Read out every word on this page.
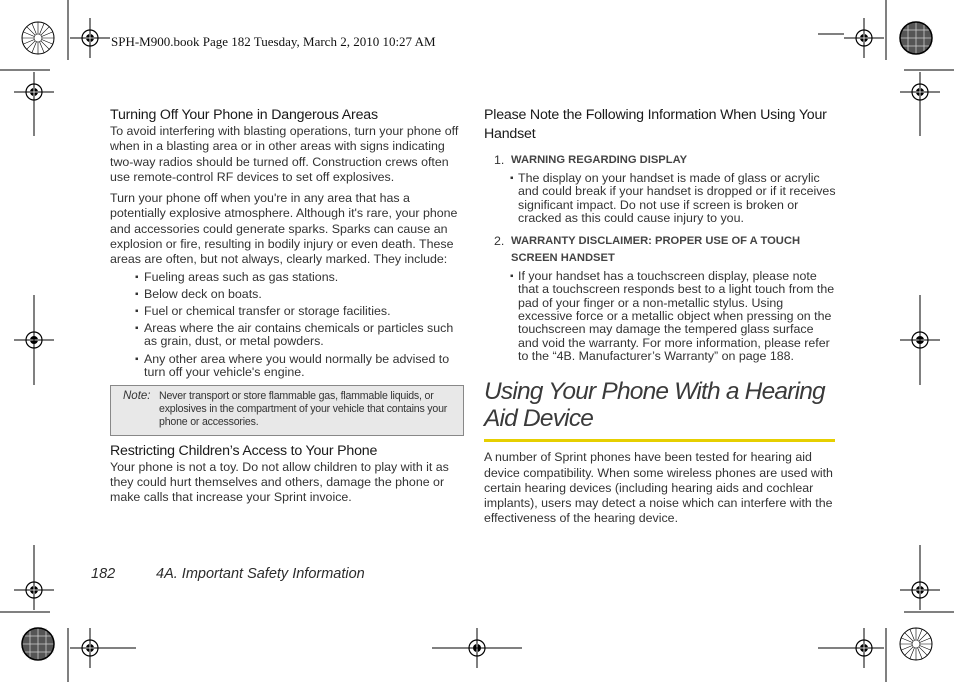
SPH-M900.book Page 182 Tuesday, March 2, 2010 10:27 AM
Turning Off Your Phone in Dangerous Areas

To avoid interfering with blasting operations, turn your phone off when in a blasting area or in other areas with signs indicating two-way radios should be turned off. Construction crews often use remote-control RF devices to set off explosives.

Turn your phone off when you're in any area that has a potentially explosive atmosphere. Although it's rare, your phone and accessories could generate sparks. Sparks can cause an explosion or fire, resulting in bodily injury or even death. These areas are often, but not always, clearly marked. They include:

▪ Fueling areas such as gas stations.
▪ Below deck on boats.
▪ Fuel or chemical transfer or storage facilities.
▪ Areas where the air contains chemicals or particles such as grain, dust, or metal powders.
▪ Any other area where you would normally be advised to turn off your vehicle's engine.
Note: Never transport or store flammable gas, flammable liquids, or explosives in the compartment of your vehicle that contains your phone or accessories.
Restricting Children’s Access to Your Phone

Your phone is not a toy. Do not allow children to play with it as they could hurt themselves and others, damage the phone or make calls that increase your Sprint invoice.

Please Note the Following Information When Using Your Handset
1. WARNING REGARDING DISPLAY
▪ The display on your handset is made of glass or acrylic and could break if your handset is dropped or if it receives significant impact. Do not use if screen is broken or cracked as this could cause injury to you.
2. WARRANTY DISCLAIMER: PROPER USE OF A TOUCH SCREEN HANDSET
▪ If your handset has a touchscreen display, please note that a touchscreen responds best to a light touch from the pad of your finger or a non-metallic stylus. Using excessive force or a metallic object when pressing on the touchscreen may damage the tempered glass surface and void the warranty. For more information, please refer to the “4B. Manufacturer’s Warranty” on page 188.
Using Your Phone With a Hearing Aid Device

A number of Sprint phones have been tested for hearing aid device compatibility. When some wireless phones are used with certain hearing devices (including hearing aids and cochlear implants), users may detect a noise which can interfere with the effectiveness of the hearing device.

182	4A. Important Safety Information
